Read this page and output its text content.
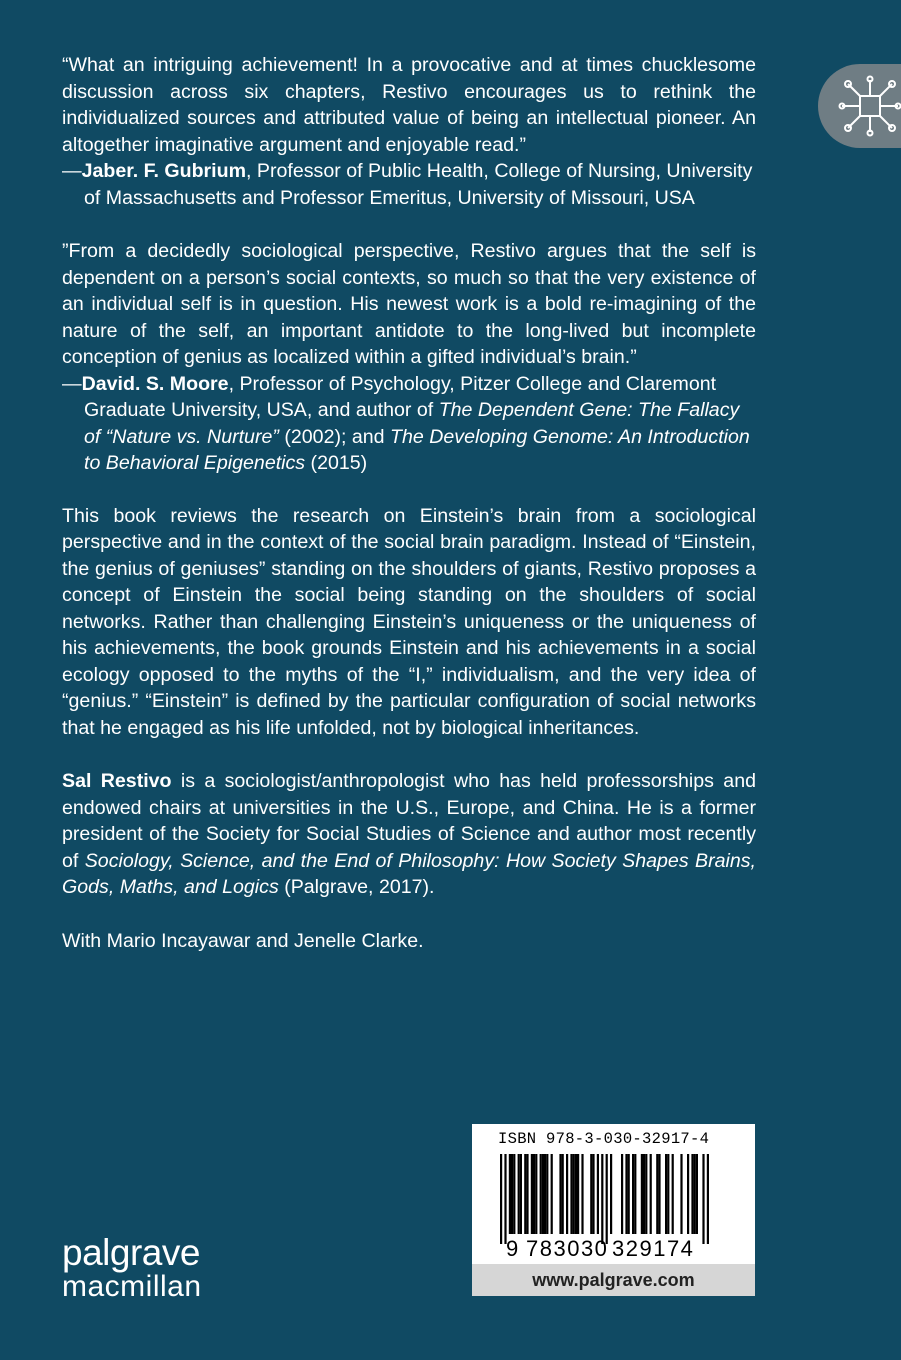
“What an intriguing achievement! In a provocative and at times chucklesome discussion across six chapters, Restivo encourages us to rethink the individualized sources and attributed value of being an intellectual pioneer. An altogether imaginative argument and enjoyable read.”

—Jaber. F. Gubrium, Professor of Public Health, College of Nursing, University of Massachusetts and Professor Emeritus, University of Missouri, USA

”From a decidedly sociological perspective, Restivo argues that the self is dependent on a person’s social contexts, so much so that the very existence of an individual self is in question. His newest work is a bold re-imagining of the nature of the self, an important antidote to the long-lived but incomplete conception of genius as localized within a gifted individual’s brain.”

—David. S. Moore, Professor of Psychology, Pitzer College and Claremont Graduate University, USA, and author of The Dependent Gene: The Fallacy of “Nature vs. Nurture” (2002); and The Developing Genome: An Introduction to Behavioral Epigenetics (2015)

This book reviews the research on Einstein’s brain from a sociological perspective and in the context of the social brain paradigm. Instead of “Einstein, the genius of geniuses” standing on the shoulders of giants, Restivo proposes a concept of Einstein the social being standing on the shoulders of social networks. Rather than challenging Einstein’s uniqueness or the uniqueness of his achievements, the book grounds Einstein and his achievements in a social ecology opposed to the myths of the “I,” individualism, and the very idea of “genius.” “Einstein” is defined by the particular configuration of social networks that he engaged as his life unfolded, not by biological inheritances.

Sal Restivo is a sociologist/anthropologist who has held professorships and endowed chairs at universities in the U.S., Europe, and China. He is a former president of the Society for Social Studies of Science and author most recently of Sociology, Science, and the End of Philosophy: How Society Shapes Brains, Gods, Maths, and Logics (Palgrave, 2017).

With Mario Incayawar and Jenelle Clarke.

palgrave
macmillan
ISBN 978-3-030-32917-4
9 783030 329174
www.palgrave.com
